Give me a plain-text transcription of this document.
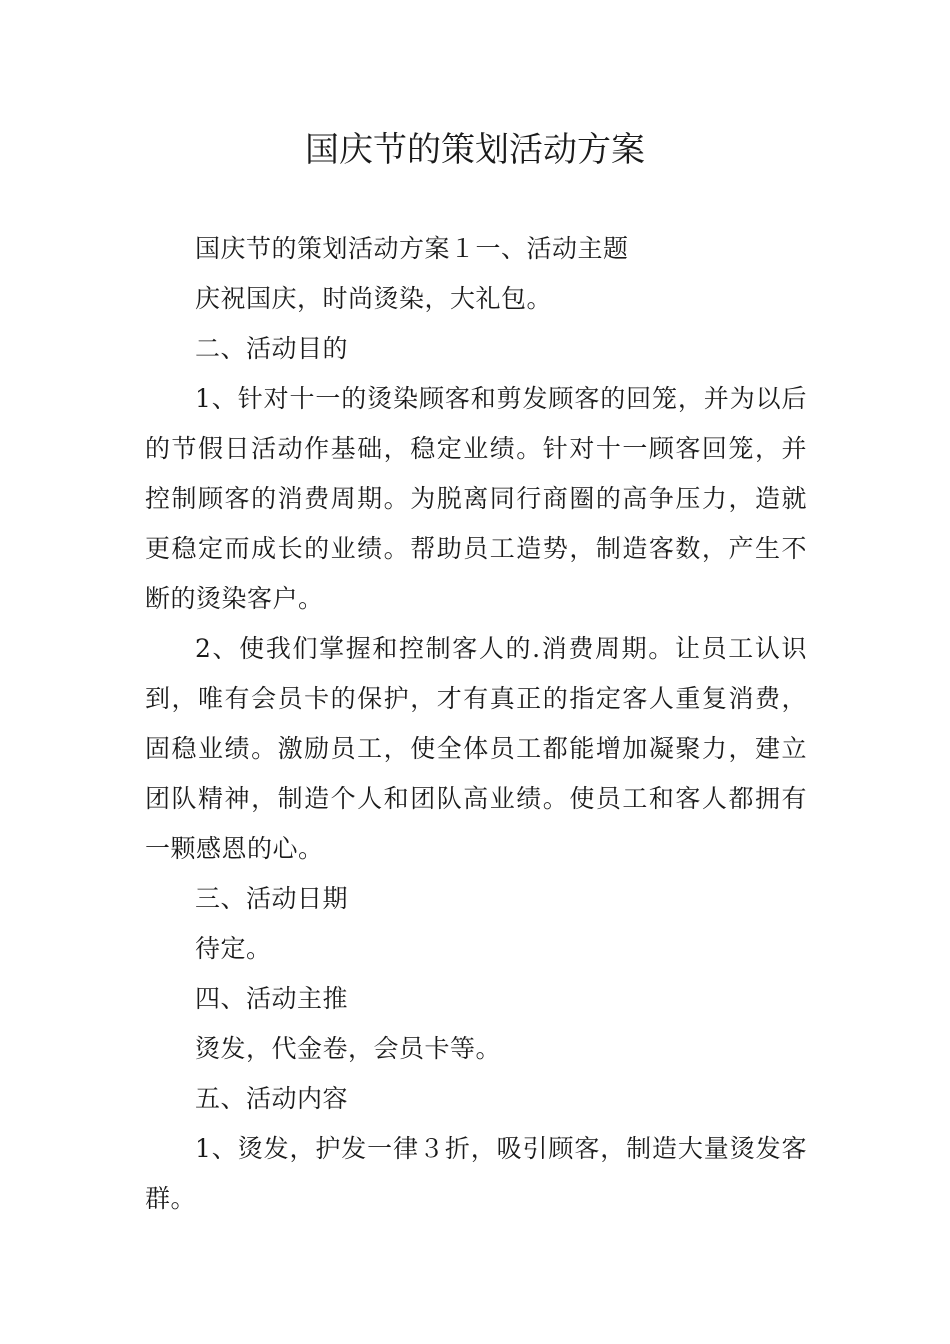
国庆节的策划活动方案

国庆节的策划活动方案１一、活动主题

庆祝国庆，时尚烫染，大礼包。

二、活动目的

1、针对十一的烫染顾客和剪发顾客的回笼，并为以后的节假日活动作基础，稳定业绩。针对十一顾客回笼，并控制顾客的消费周期。为脱离同行商圈的高争压力，造就更稳定而成长的业绩。帮助员工造势，制造客数，产生不断的烫染客户。

2、使我们掌握和控制客人的.消费周期。让员工认识到，唯有会员卡的保护，才有真正的指定客人重复消费，固稳业绩。激励员工，使全体员工都能增加凝聚力，建立团队精神，制造个人和团队高业绩。使员工和客人都拥有一颗感恩的心。

三、活动日期

待定。

四、活动主推

烫发，代金卷，会员卡等。

五、活动内容

1、烫发，护发一律３折，吸引顾客，制造大量烫发客群。
